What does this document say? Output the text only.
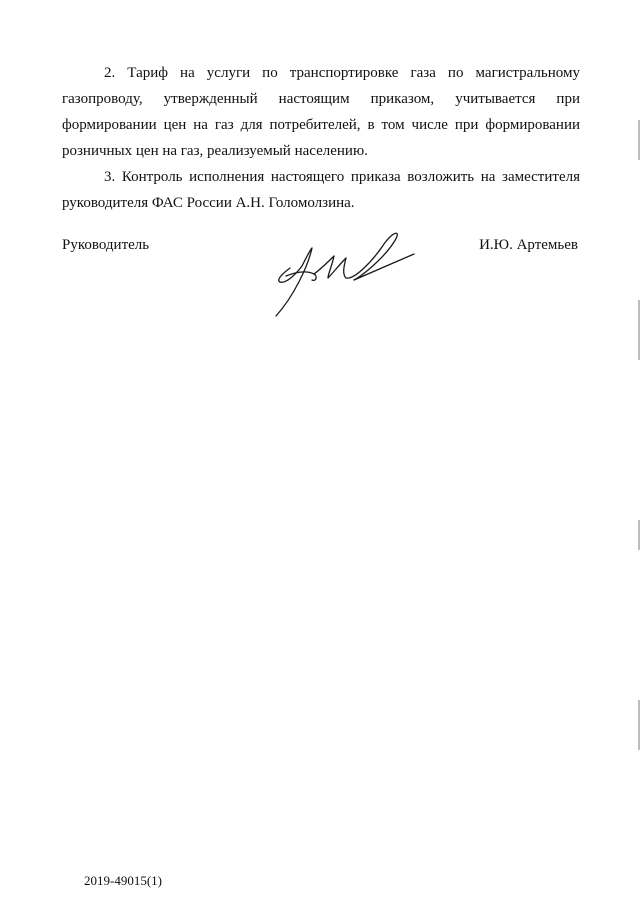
2. Тариф на услуги по транспортировке газа по магистральному газопроводу, утвержденный настоящим приказом, учитывается при формировании цен на газ для потребителей, в том числе при формировании розничных цен на газ, реализуемый населению.

3. Контроль исполнения настоящего приказа возложить на заместителя руководителя ФАС России А.Н. Голомолзина.

Руководитель	И.Ю. Артемьев
2019-49015(1)
